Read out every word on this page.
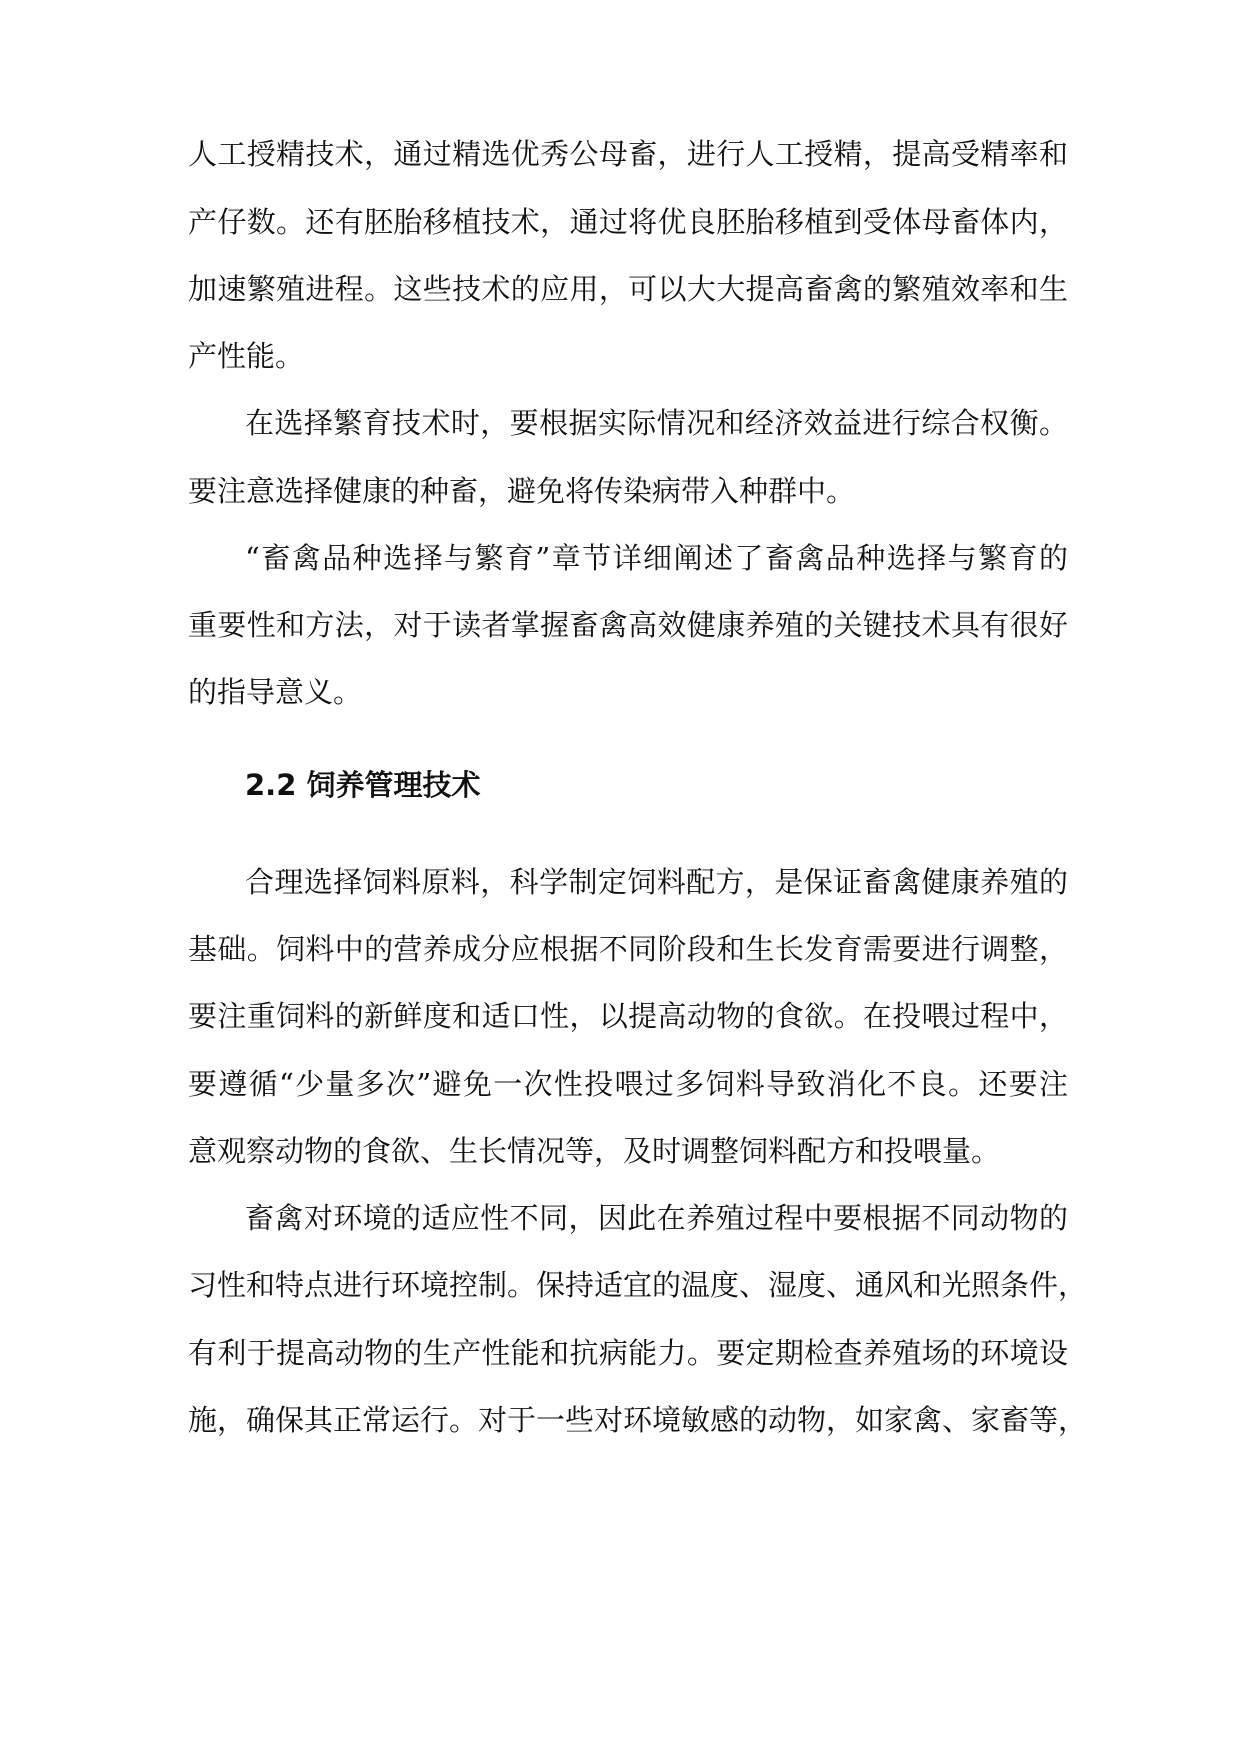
人工授精技术，通过精选优秀公母畜，进行人工授精，提高受精率和
产仔数。还有胚胎移植技术，通过将优良胚胎移植到受体母畜体内，
加速繁殖进程。这些技术的应用，可以大大提高畜禽的繁殖效率和生
产性能。
在选择繁育技术时，要根据实际情况和经济效益进行综合权衡。
要注意选择健康的种畜，避免将传染病带入种群中。
“畜禽品种选择与繁育”章节详细阐述了畜禽品种选择与繁育的
重要性和方法，对于读者掌握畜禽高效健康养殖的关键技术具有很好
的指导意义。
2.2 饲养管理技术
合理选择饲料原料，科学制定饲料配方，是保证畜禽健康养殖的
基础。饲料中的营养成分应根据不同阶段和生长发育需要进行调整，
要注重饲料的新鲜度和适口性，以提高动物的食欲。在投喂过程中，
要遵循“少量多次”避免一次性投喂过多饲料导致消化不良。还要注
意观察动物的食欲、生长情况等，及时调整饲料配方和投喂量。
畜禽对环境的适应性不同，因此在养殖过程中要根据不同动物的
习性和特点进行环境控制。保持适宜的温度、湿度、通风和光照条件，
有利于提高动物的生产性能和抗病能力。要定期检查养殖场的环境设
施，确保其正常运行。对于一些对环境敏感的动物，如家禽、家畜等，
